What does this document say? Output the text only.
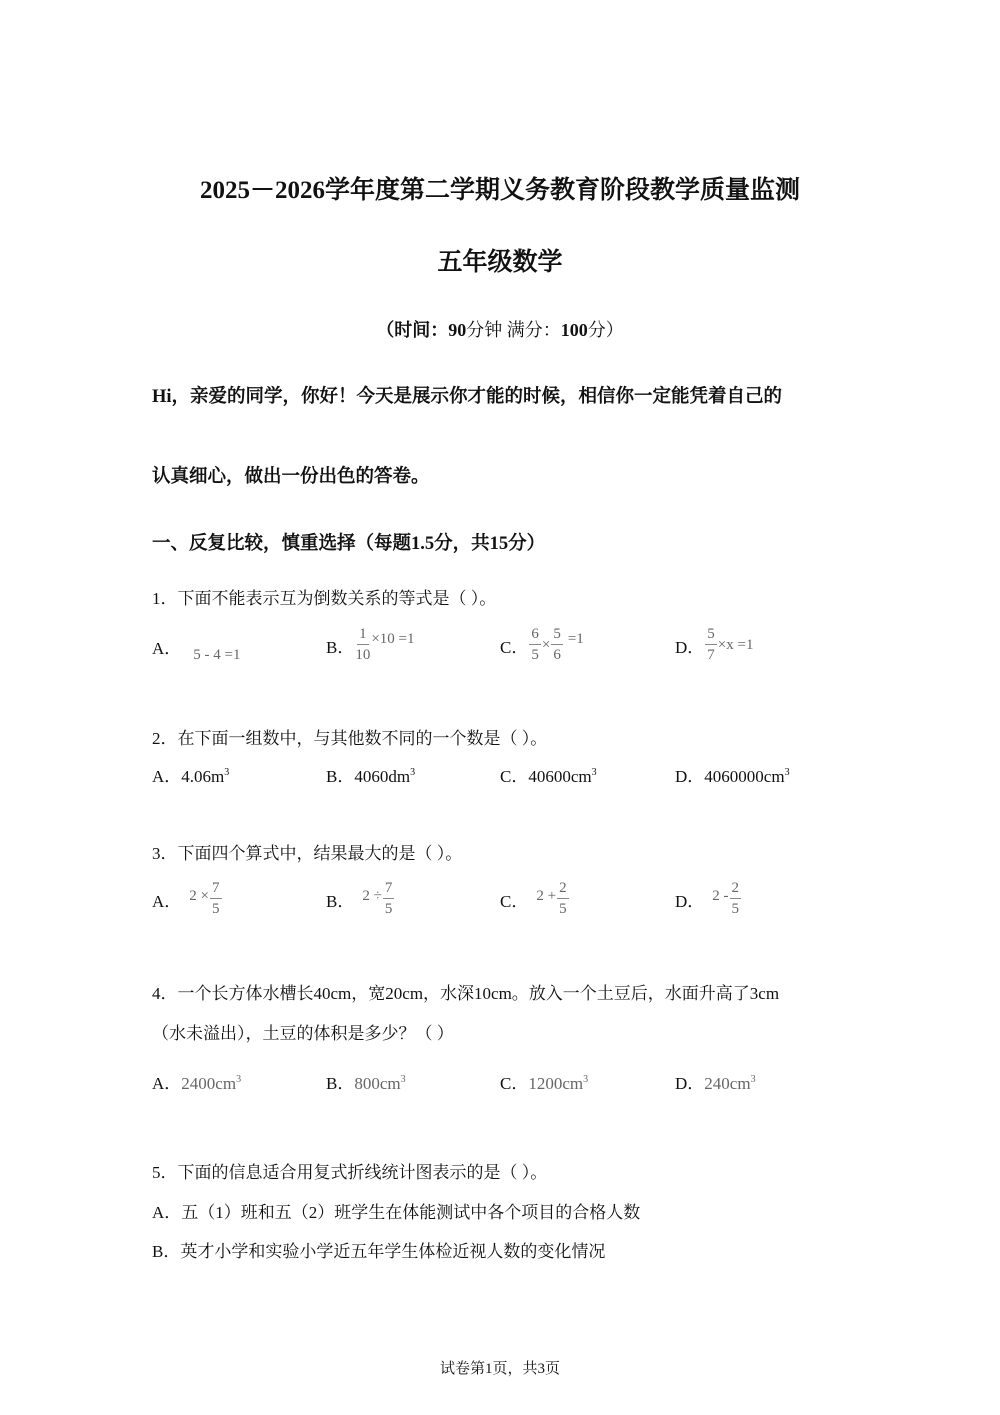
2025－2026学年度第二学期义务教育阶段教学质量监测
五年级数学
（时间：90分钟 满分：100分）
Hi，亲爱的同学，你好！今天是展示你才能的时候，相信你一定能凭着自己的
认真细心，做出一份出色的答卷。
一、反复比较，慎重选择（每题1.5分，共15分）
1．下面不能表示互为倒数关系的等式是（ ）。
A． 5 - 4 =1	B． $\frac{1}{10} \times 10 =1$	C． $\frac{6}{5} \times \frac{5}{6} =1$	D． $\frac{5}{7} \times x =1$
2．在下面一组数中，与其他数不同的一个数是（ ）。
A．$4.06m^3$	B．$4060dm^3$	C．$40600cm^3$	D．$4060000cm^3$
3．下面四个算式中，结果最大的是（ ）。
A． $2 \times \frac{7}{5}$	B． $2 \div \frac{7}{5}$	C． $2 + \frac{2}{5}$	D． $2 - \frac{2}{5}$
4．一个长方体水槽长40cm，宽20cm，水深10cm。放入一个土豆后，水面升高了3cm
（水未溢出），土豆的体积是多少？（ ）
A．$2400cm^3$	B．$800cm^3$	C．$1200cm^3$	D．$240cm^3$
5．下面的信息适合用复式折线统计图表示的是（ ）。
A．五（1）班和五（2）班学生在体能测试中各个项目的合格人数
B．英才小学和实验小学近五年学生体检近视人数的变化情况
试卷第1页，共3页
